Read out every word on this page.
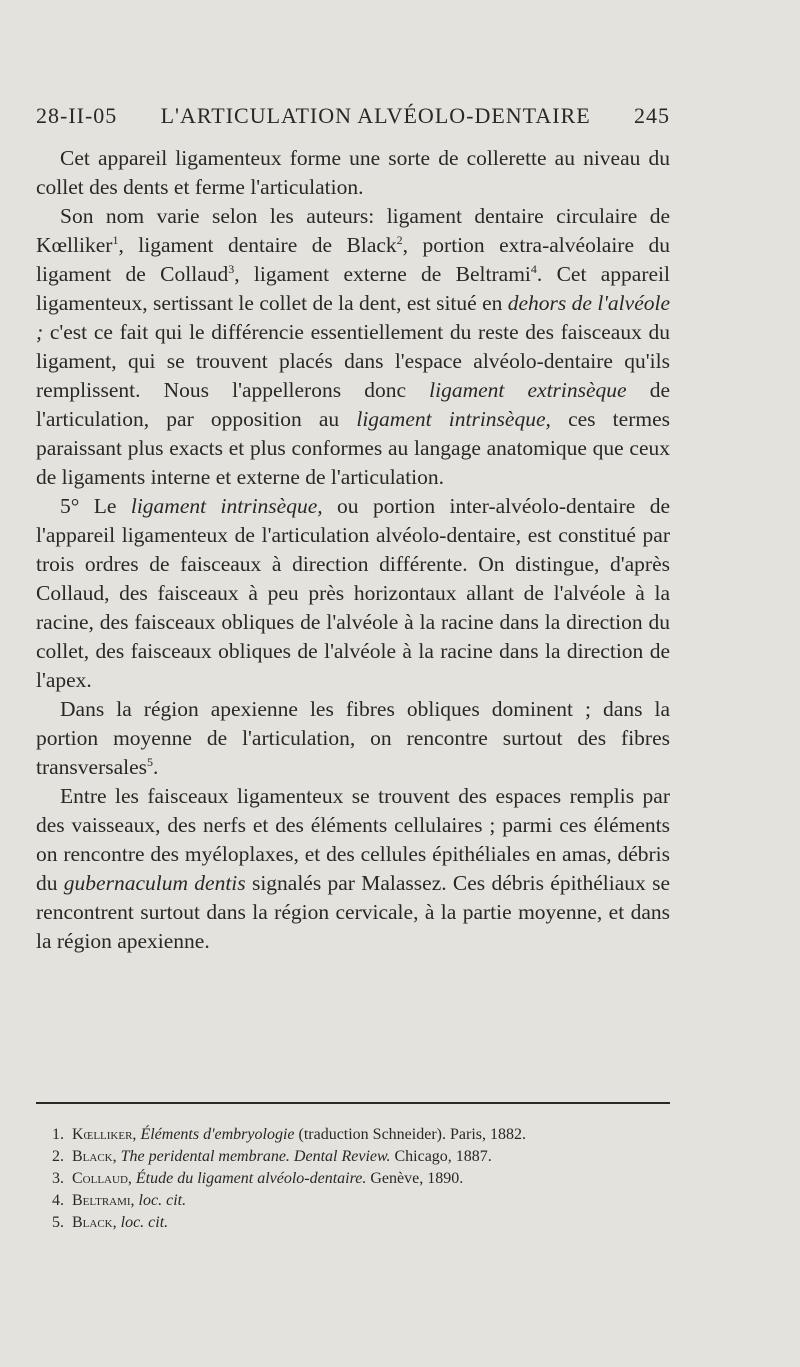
28-II-05 L'ARTICULATION ALVÉOLO-DENTAIRE 245

Cet appareil ligamenteux forme une sorte de collerette au niveau du collet des dents et ferme l'articulation.

Son nom varie selon les auteurs: ligament dentaire circulaire de Kœlliker$^1$, ligament dentaire de Black$^2$, portion extra-alvéolaire du ligament de Collaud$^3$, ligament externe de Beltrami$^4$. Cet appareil ligamenteux, sertissant le collet de la dent, est situé en dehors de l'alvéole ; c'est ce fait qui le différencie essentiellement du reste des faisceaux du ligament, qui se trouvent placés dans l'espace alvéolo-dentaire qu'ils remplissent. Nous l'appellerons donc ligament extrinsèque de l'articulation, par opposition au ligament intrinsèque, ces termes paraissant plus exacts et plus conformes au langage anatomique que ceux de ligaments interne et externe de l'articulation.

5° Le ligament intrinsèque, ou portion inter-alvéolo-dentaire de l'appareil ligamenteux de l'articulation alvéolo-dentaire, est constitué par trois ordres de faisceaux à direction différente. On distingue, d'après Collaud, des faisceaux à peu près horizontaux allant de l'alvéole à la racine, des faisceaux obliques de l'alvéole à la racine dans la direction du collet, des faisceaux obliques de l'alvéole à la racine dans la direction de l'apex.

Dans la région apexienne les fibres obliques dominent ; dans la portion moyenne de l'articulation, on rencontre surtout des fibres transversales$^5$.

Entre les faisceaux ligamenteux se trouvent des espaces remplis par des vaisseaux, des nerfs et des éléments cellulaires ; parmi ces éléments on rencontre des myéloplaxes, et des cellules épithéliales en amas, débris du gubernaculum dentis signalés par Malassez. Ces débris épithéliaux se rencontrent surtout dans la région cervicale, à la partie moyenne, et dans la région apexienne.

1. Kœlliker, Éléments d'embryologie (traduction Schneider). Paris, 1882.
2. Black, The peridental membrane. Dental Review. Chicago, 1887.
3. Collaud, Étude du ligament alvéolo-dentaire. Genève, 1890.
4. Beltrami, loc. cit.
5. Black, loc. cit.
